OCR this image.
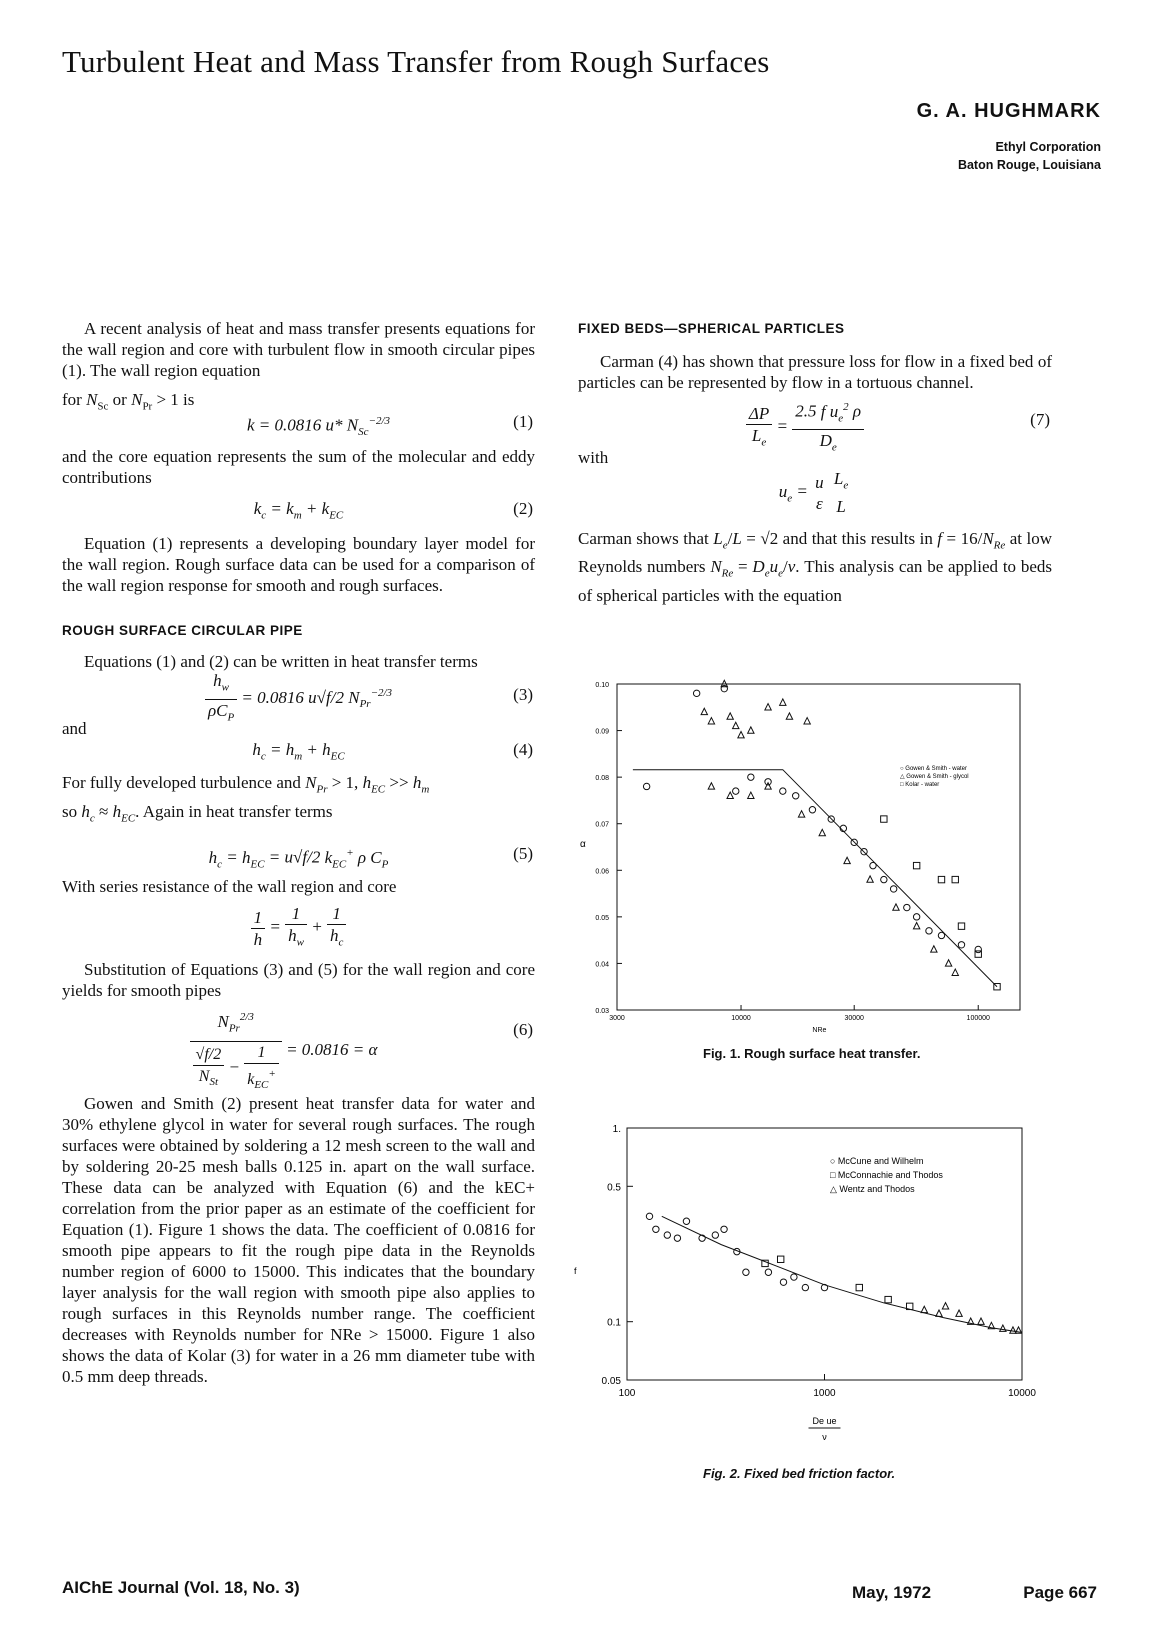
Turbulent Heat and Mass Transfer from Rough Surfaces
G. A. HUGHMARK
Ethyl Corporation
Baton Rouge, Louisiana

A recent analysis of heat and mass transfer presents equations for the wall region and core with turbulent flow in smooth circular pipes (1). The wall region equation

for $N_{Sc}$ or $N_{Pr} > 1$ is

k = 0.0816 u* $N_{Sc}^{-2/3}$	(1)

and the core equation represents the sum of the molecular and eddy contributions

$k_c = k_m + k_{EC}$	(2)

Equation (1) represents a developing boundary layer model for the wall region. Rough surface data can be used for a comparison of the wall region response for smooth and rough surfaces.

ROUGH SURFACE CIRCULAR PIPE

Equations (1) and (2) can be written in heat transfer terms

$\frac{h_w}{\rho C_P} = 0.0816$ u√f/2 $N_{Pr}^{-2/3}$	(3)

and

$h_c = h_m + h_{EC}$	(4)

For fully developed turbulence and $N_{Pr} > 1$, $h_{EC} >> h_m$
so $h_c \approx h_{EC}$. Again in heat transfer terms

$h_c = h_{EC} = u√f/2$ $k_{EC}^+$ ρ $C_P$
(5)

With series resistance of the wall region and core

$\frac{1}{h} = \frac{1}{h_w} + \frac{1}{h_c}$

Substitution of Equations (3) and (5) for the wall region and core yields for smooth pipes

$\frac{N_{Pr}^{2/3}}{\frac{√f/2}{N_{St}} - \frac{1}{k_{EC}^+}} = 0.0816 = \alpha$
(6)

Gowen and Smith (2) present heat transfer data for water and 30% ethylene glycol in water for several rough surfaces. The rough surfaces were obtained by soldering a 12 mesh screen to the wall and by soldering 20-25 mesh balls 0.125 in. apart on the wall surface. These data can be analyzed with Equation (6) and the kEC+ correlation from the prior paper as an estimate of the coefficient for Equation (1). Figure 1 shows the data. The coefficient of 0.0816 for smooth pipe appears to fit the rough pipe data in the Reynolds number region of 6000 to 15000. This indicates that the boundary layer analysis for the wall region with smooth pipe also applies to rough surfaces in this Reynolds number range. The coefficient decreases with Reynolds number for NRe > 15000. Figure 1 also shows the data of Kolar (3) for water in a 26 mm diameter tube with 0.5 mm deep threads.

FIXED BEDS—SPHERICAL PARTICLES

Carman (4) has shown that pressure loss for flow in a fixed bed of particles can be represented by flow in a tortuous channel.

$\frac{\Delta P}{L_e} = \frac{2.5 f u_e^2 \rho}{D_e}$	(7)

with

$u_e = u$
ε

$L_e$
L

Carman shows that $L_e/L = √2$ and that this results in $f = 16/N_{Re}$ at low Reynolds numbers $N_{Re} = D_eu_e/\nu$. This analysis can be applied to beds of spherical particles with the equation

0.10
0.09
0.08
0.07
0.06
0.05
0.04
0.03
3000	10000	30000	100000
α
NRe
○ Gowen & Smith - water
△ Gowen & Smith - glycol
□ Kolar - water
Fig. 1. Rough surface heat transfer.
1.
0.5
0.1
0.05
100	1000	10000
f
De ue
ν
○ McCune and Wilhelm
□ McConnachie and Thodos
△ Wentz and Thodos
Fig. 2. Fixed bed friction factor.
AIChE Journal (Vol. 18, No. 3)	May, 1972	Page 667
